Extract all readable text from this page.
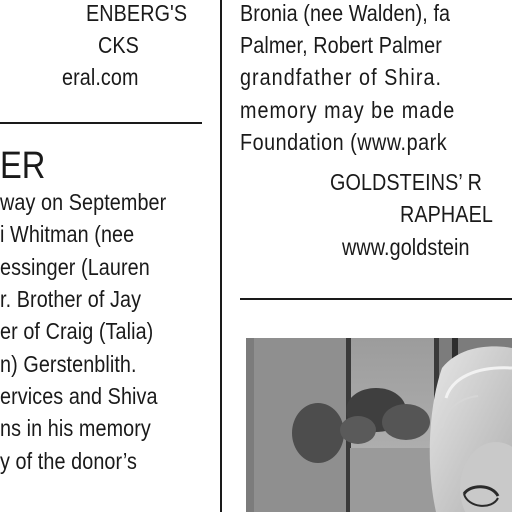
ENBERG'S
CKS
eral.com
ER
way on September
i Whitman (nee
essinger (Lauren
r. Brother of Jay
er of Craig (Talia)
n) Gerstenblith.
ervices and Shiva
ns in his memory
y of the donor’s
Bronia (nee Walden), fa
Palmer, Robert Palmer
grandfather of Shira.
memory may be made
Foundation (www.park
GOLDSTEINS’ R
RAPHAEL
www.goldstein
